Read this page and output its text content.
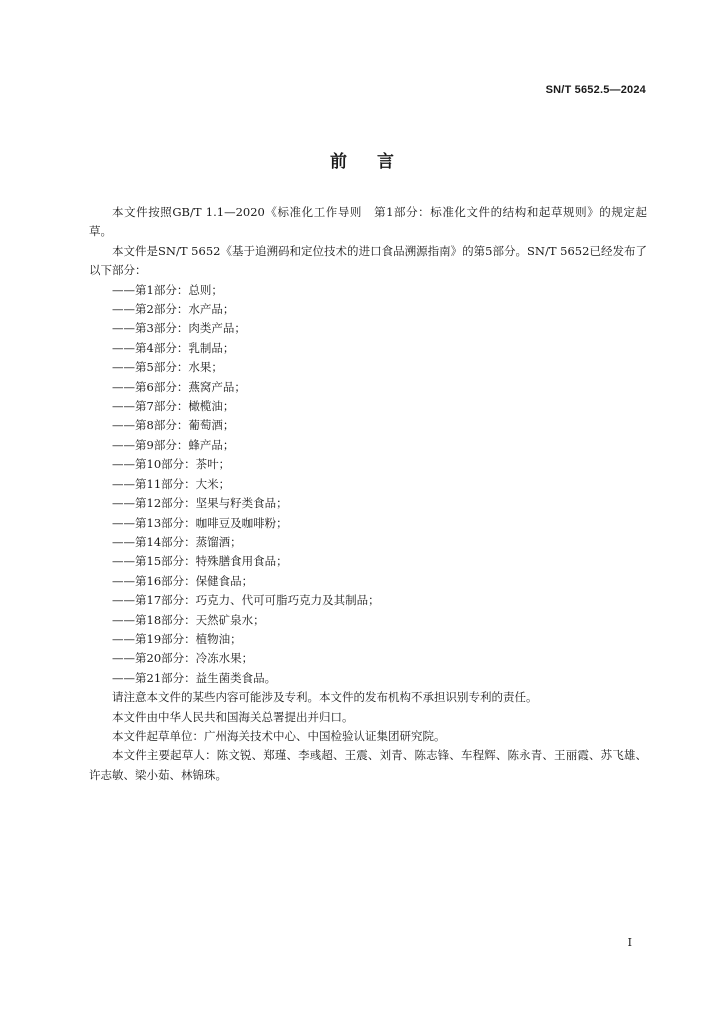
SN/T 5652.5—2024
前言

本文件按照GB/T 1.1—2020《标准化工作导则　第1部分：标准化文件的结构和起草规则》的规定起草。

本文件是SN/T 5652《基于追溯码和定位技术的进口食品溯源指南》的第5部分。SN/T 5652已经发布了以下部分：

——第1部分：总则；
——第2部分：水产品；
——第3部分：肉类产品；
——第4部分：乳制品；
——第5部分：水果；
——第6部分：燕窝产品；
——第7部分：橄榄油；
——第8部分：葡萄酒；
——第9部分：蜂产品；
——第10部分：茶叶；
——第11部分：大米；
——第12部分：坚果与籽类食品；
——第13部分：咖啡豆及咖啡粉；
——第14部分：蒸馏酒；
——第15部分：特殊膳食用食品；
——第16部分：保健食品；
——第17部分：巧克力、代可可脂巧克力及其制品；
——第18部分：天然矿泉水；
——第19部分：植物油；
——第20部分：冷冻水果；
——第21部分：益生菌类食品。

请注意本文件的某些内容可能涉及专利。本文件的发布机构不承担识别专利的责任。

本文件由中华人民共和国海关总署提出并归口。

本文件起草单位：广州海关技术中心、中国检验认证集团研究院。

本文件主要起草人：陈文锐、郑瑾、李彧超、王震、刘青、陈志锋、车程辉、陈永青、王丽霞、苏飞雄、许志敏、梁小茹、林锦珠。

I
